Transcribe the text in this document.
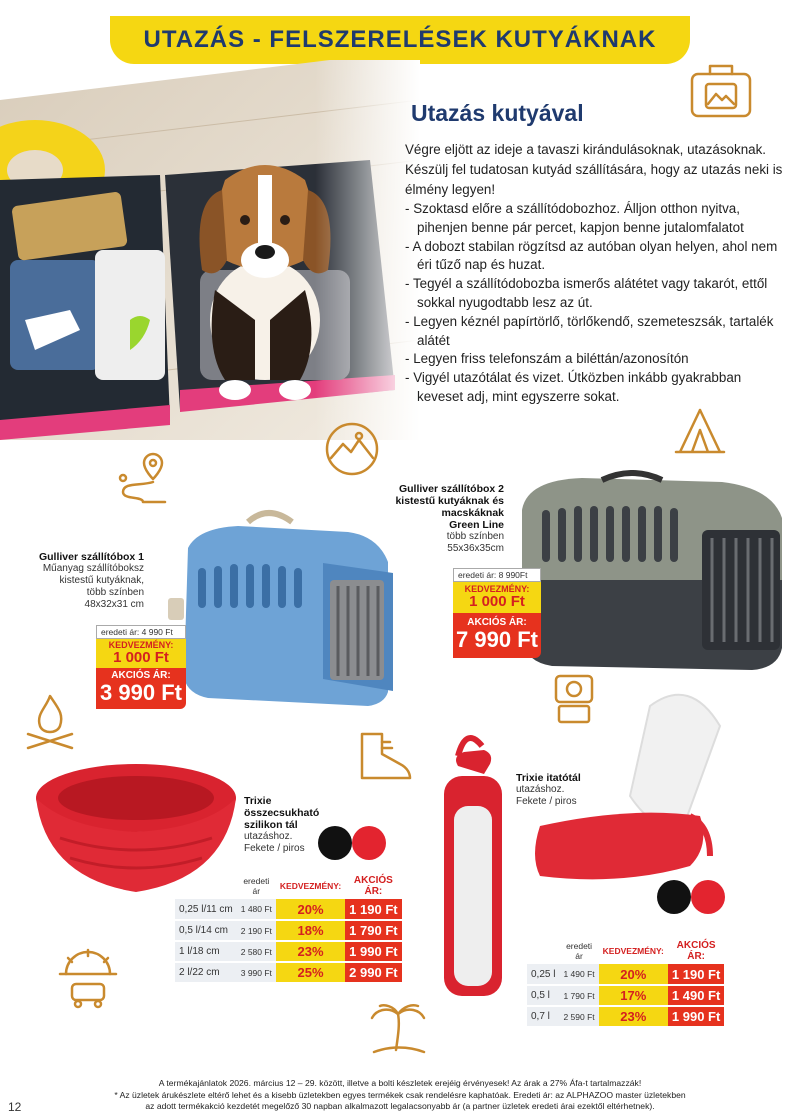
UTAZÁS - FELSZERELÉSEK KUTYÁKNAK
Utazás kutyával

Végre eljött az ideje a tavaszi kirándulásoknak, utazásoknak. Készülj fel tudatosan kutyád szállítására, hogy az utazás neki is élmény legyen!

- Szoktasd előre a szállítódobozhoz. Álljon otthon nyitva, pihenjen benne pár percet, kapjon benne jutalomfalatot
- A dobozt stabilan rögzítsd az autóban olyan helyen, ahol nem éri tűző nap és huzat.
- Tegyél a szállítódobozba ismerős alátétet vagy takarót, ettől sokkal nyugodtabb lesz az út.
- Legyen kéznél papírtörlő, törlőkendő, szemeteszsák, tartalék alátét
- Legyen friss telefonszám a biléttán/azonosítón
- Vigyél utazótálat és vizet. Útközben inkább gyakrabban keveset adj, mint egyszerre sokat.
Gulliver szállítóbox 1
Műanyag szállítóboksz
kistestű kutyáknak,
több színben
48x32x31 cm
eredeti ár: 4 990 Ft
KEDVEZMÉNY:
1 000 Ft
AKCIÓS ÁR:
3 990 Ft
Gulliver szállítóbox 2
kistestű kutyáknak és
macskáknak
Green Line
több színben
55x36x35cm
eredeti ár: 8 990Ft
KEDVEZMÉNY:
1 000 Ft
AKCIÓS ÁR:
7 990 Ft
Trixie
összecsukható
szilikon tál
utazáshoz.
Fekete / piros
	eredeti ár	KEDVEZMÉNY:	AKCIÓS ÁR:
0,25 l/11 cm	1 480 Ft	20%	1 190 Ft
0,5 l/14 cm	2 190 Ft	18%	1 790 Ft
1 l/18 cm	2 580 Ft	23%	1 990 Ft
2 l/22 cm	3 990 Ft	25%	2 990 Ft
Trixie itatótál
utazáshoz.
Fekete / piros
	eredeti ár	KEDVEZMÉNY:	AKCIÓS ÁR:
0,25 l	1 490 Ft	20%	1 190 Ft
0,5 l	1 790 Ft	17%	1 490 Ft
0,7 l	2 590 Ft	23%	1 990 Ft
A termékajánlatok 2026. március 12 – 29. között, illetve a bolti készletek erejéig érvényesek! Az árak a 27% Áfa-t tartalmazzák!
* Az üzletek árukészlete eltérő lehet és a kisebb üzletekben egyes termékek csak rendelésre kaphatóak. Eredeti ár: az ALPHAZOO master üzletekben
az adott termékakció kezdetét megelőző 30 napban alkalmazott legalacsonyabb ár (a partner üzletek eredeti árai ezektől eltérhetnek).
12
